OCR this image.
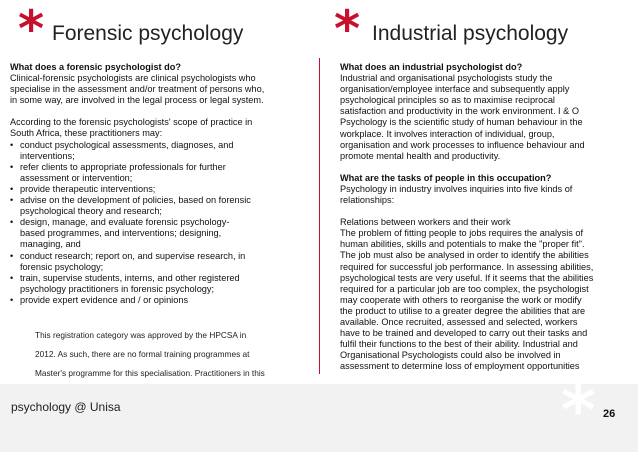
* Forensic psychology * Industrial psychology

What does a forensic psychologist do?

Clinical-forensic psychologists are clinical psychologists who

specialise in the assessment and/or treatment of persons who,

in some way, are involved in the legal process or legal system.

According to the forensic psychologists' scope of practice in

South Africa, these practitioners may:

• conduct psychological assessments, diagnoses, and
interventions;
• refer clients to appropriate professionals for further
assessment or intervention;
• provide therapeutic interventions;
• advise on the development of policies, based on forensic
psychological theory and research;
• design, manage, and evaluate forensic psychology-
based programmes, and interventions; designing,
managing, and
• conduct research; report on, and supervise research, in
forensic psychology;
• train, supervise students, interns, and other registered
psychology practitioners in forensic psychology;
• provide expert evidence and / or opinions

This registration category was approved by the HPCSA in

2012. As such, there are no formal training programmes at

Master's programme for this specialisation. Practitioners in this

What does an industrial psychologist do?

Industrial and organisational psychologists study the

organisation/employee interface and subsequently apply

psychological principles so as to maximise reciprocal

satisfaction and productivity in the work environment. I & O

Psychology is the scientific study of human behaviour in the

workplace. It involves interaction of individual, group,

organisation and work processes to influence behaviour and

promote mental health and productivity.

What are the tasks of people in this occupation?

Psychology in industry involves inquiries into five kinds of

relationships:

Relations between workers and their work

The problem of fitting people to jobs requires the analysis of

human abilities, skills and potentials to make the "proper fit".

The job must also be analysed in order to identify the abilities

required for successful job performance. In assessing abilities,

psychological tests are very useful. If it seems that the abilities

required for a particular job are too complex, the psychologist

may cooperate with others to reorganise the work or modify

the product to utilise to a greater degree the abilities that are

available. Once recruited, assessed and selected, workers

have to be trained and developed to carry out their tasks and

fulfil their functions to the best of their ability. Industrial and

Organisational Psychologists could also be involved in

assessment to determine loss of employment opportunities

psychology @ Unisa	* 26
